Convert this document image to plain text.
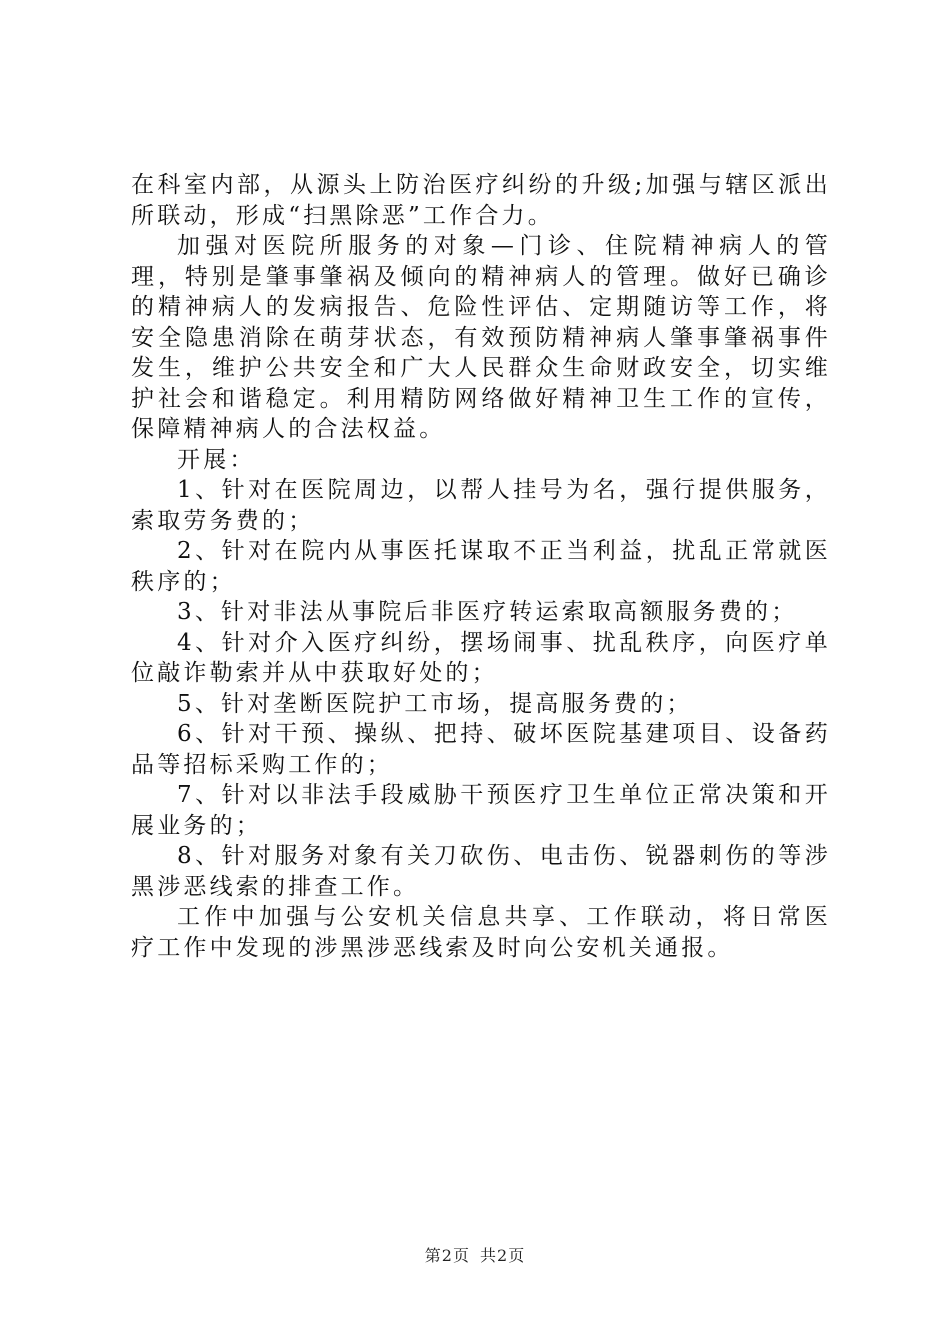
在科室内部，从源头上防治医疗纠纷的升级;加强与辖区派出所联动，形成“扫黑除恶”工作合力。

加强对医院所服务的对象—门诊、住院精神病人的管理，特别是肇事肇祸及倾向的精神病人的管理。做好已确诊的精神病人的发病报告、危险性评估、定期随访等工作，将安全隐患消除在萌芽状态，有效预防精神病人肇事肇祸事件发生，维护公共安全和广大人民群众生命财政安全，切实维护社会和谐稳定。利用精防网络做好精神卫生工作的宣传，保障精神病人的合法权益。

开展：

1、针对在医院周边，以帮人挂号为名，强行提供服务，索取劳务费的；

2、针对在院内从事医托谋取不正当利益，扰乱正常就医秩序的；

3、针对非法从事院后非医疗转运索取高额服务费的；

4、针对介入医疗纠纷，摆场闹事、扰乱秩序，向医疗单位敲诈勒索并从中获取好处的；

5、针对垄断医院护工市场，提高服务费的；

6、针对干预、操纵、把持、破坏医院基建项目、设备药品等招标采购工作的；

7、针对以非法手段威胁干预医疗卫生单位正常决策和开展业务的；

8、针对服务对象有关刀砍伤、电击伤、锐器刺伤的等涉黑涉恶线索的排查工作。

工作中加强与公安机关信息共享、工作联动，将日常医疗工作中发现的涉黑涉恶线索及时向公安机关通报。

第2页 共2页
